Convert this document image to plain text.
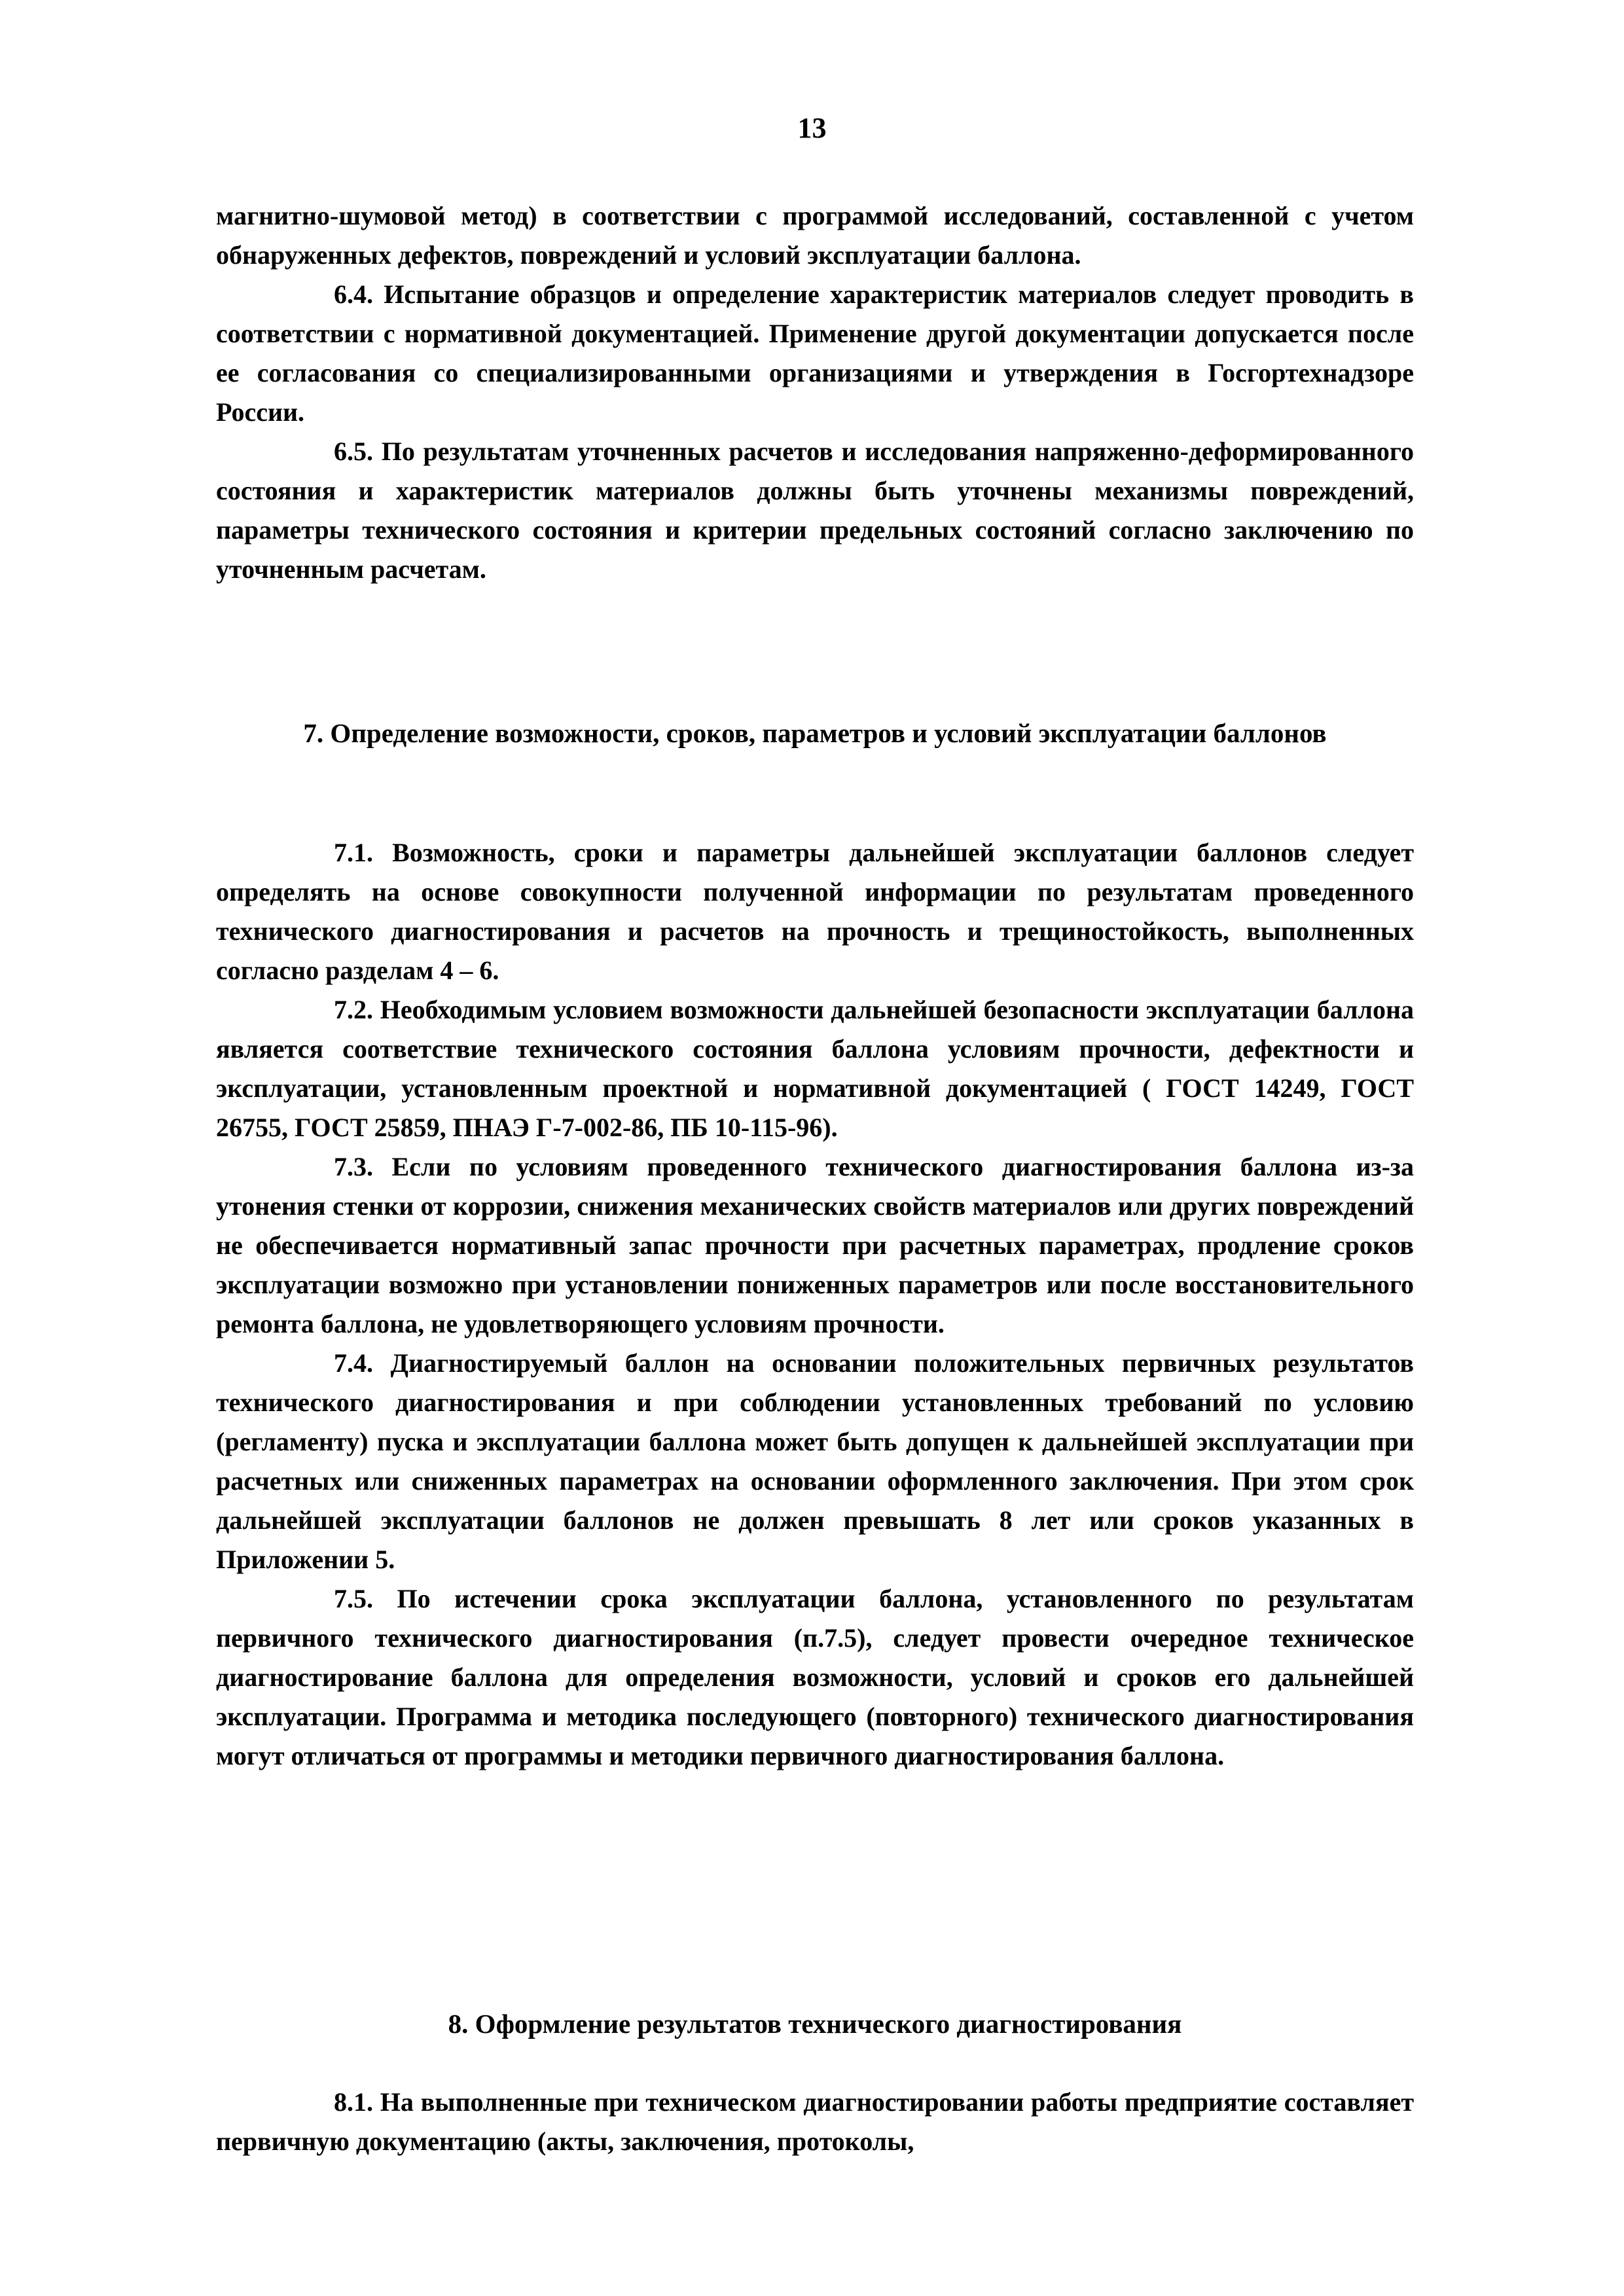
13

магнитно-шумовой метод) в соответствии с программой исследований, составленной с учетом обнаруженных дефектов, повреждений и условий эксплуатации баллона.

6.4. Испытание образцов и определение характеристик материалов следует проводить в соответствии с нормативной документацией. Применение другой документации допускается после ее согласования со специализированными организациями и утверждения в Госгортехнадзоре России.

6.5. По результатам уточненных расчетов и исследования напряженно-деформированного состояния и характеристик материалов должны быть уточнены механизмы повреждений, параметры технического состояния и критерии предельных состояний согласно заключению по уточненным расчетам.

7. Определение возможности, сроков, параметров и условий эксплуатации баллонов

7.1. Возможность, сроки и параметры дальнейшей эксплуатации баллонов следует определять на основе совокупности полученной информации по результатам проведенного технического диагностирования и расчетов на прочность и трещиностойкость, выполненных согласно разделам 4 – 6.

7.2. Необходимым условием возможности дальнейшей безопасности эксплуатации баллона является соответствие технического состояния баллона условиям прочности, дефектности и эксплуатации, установленным проектной и нормативной документацией ( ГОСТ 14249, ГОСТ 26755, ГОСТ 25859, ПНАЭ Г-7-002-86, ПБ 10-115-96).

7.3. Если по условиям проведенного технического диагностирования баллона из-за утонения стенки от коррозии, снижения механических свойств материалов или других повреждений не обеспечивается нормативный запас прочности при расчетных параметрах, продление сроков эксплуатации возможно при установлении пониженных параметров или после восстановительного ремонта баллона, не удовлетворяющего условиям прочности.

7.4. Диагностируемый баллон на основании положительных первичных результатов технического диагностирования и при соблюдении установленных требований по условию (регламенту) пуска и эксплуатации баллона может быть допущен к дальнейшей эксплуатации при расчетных или сниженных параметрах на основании оформленного заключения. При этом срок дальнейшей эксплуатации баллонов не должен превышать 8 лет или сроков указанных в Приложении 5.

7.5. По истечении срока эксплуатации баллона, установленного по результатам первичного технического диагностирования (п.7.5), следует провести очередное техническое диагностирование баллона для определения возможности, условий и сроков его дальнейшей эксплуатации. Программа и методика последующего (повторного) технического диагностирования могут отличаться от программы и методики первичного диагностирования баллона.

8. Оформление результатов технического диагностирования

8.1. На выполненные при техническом диагностировании работы предприятие составляет первичную документацию (акты, заключения, протоколы,
